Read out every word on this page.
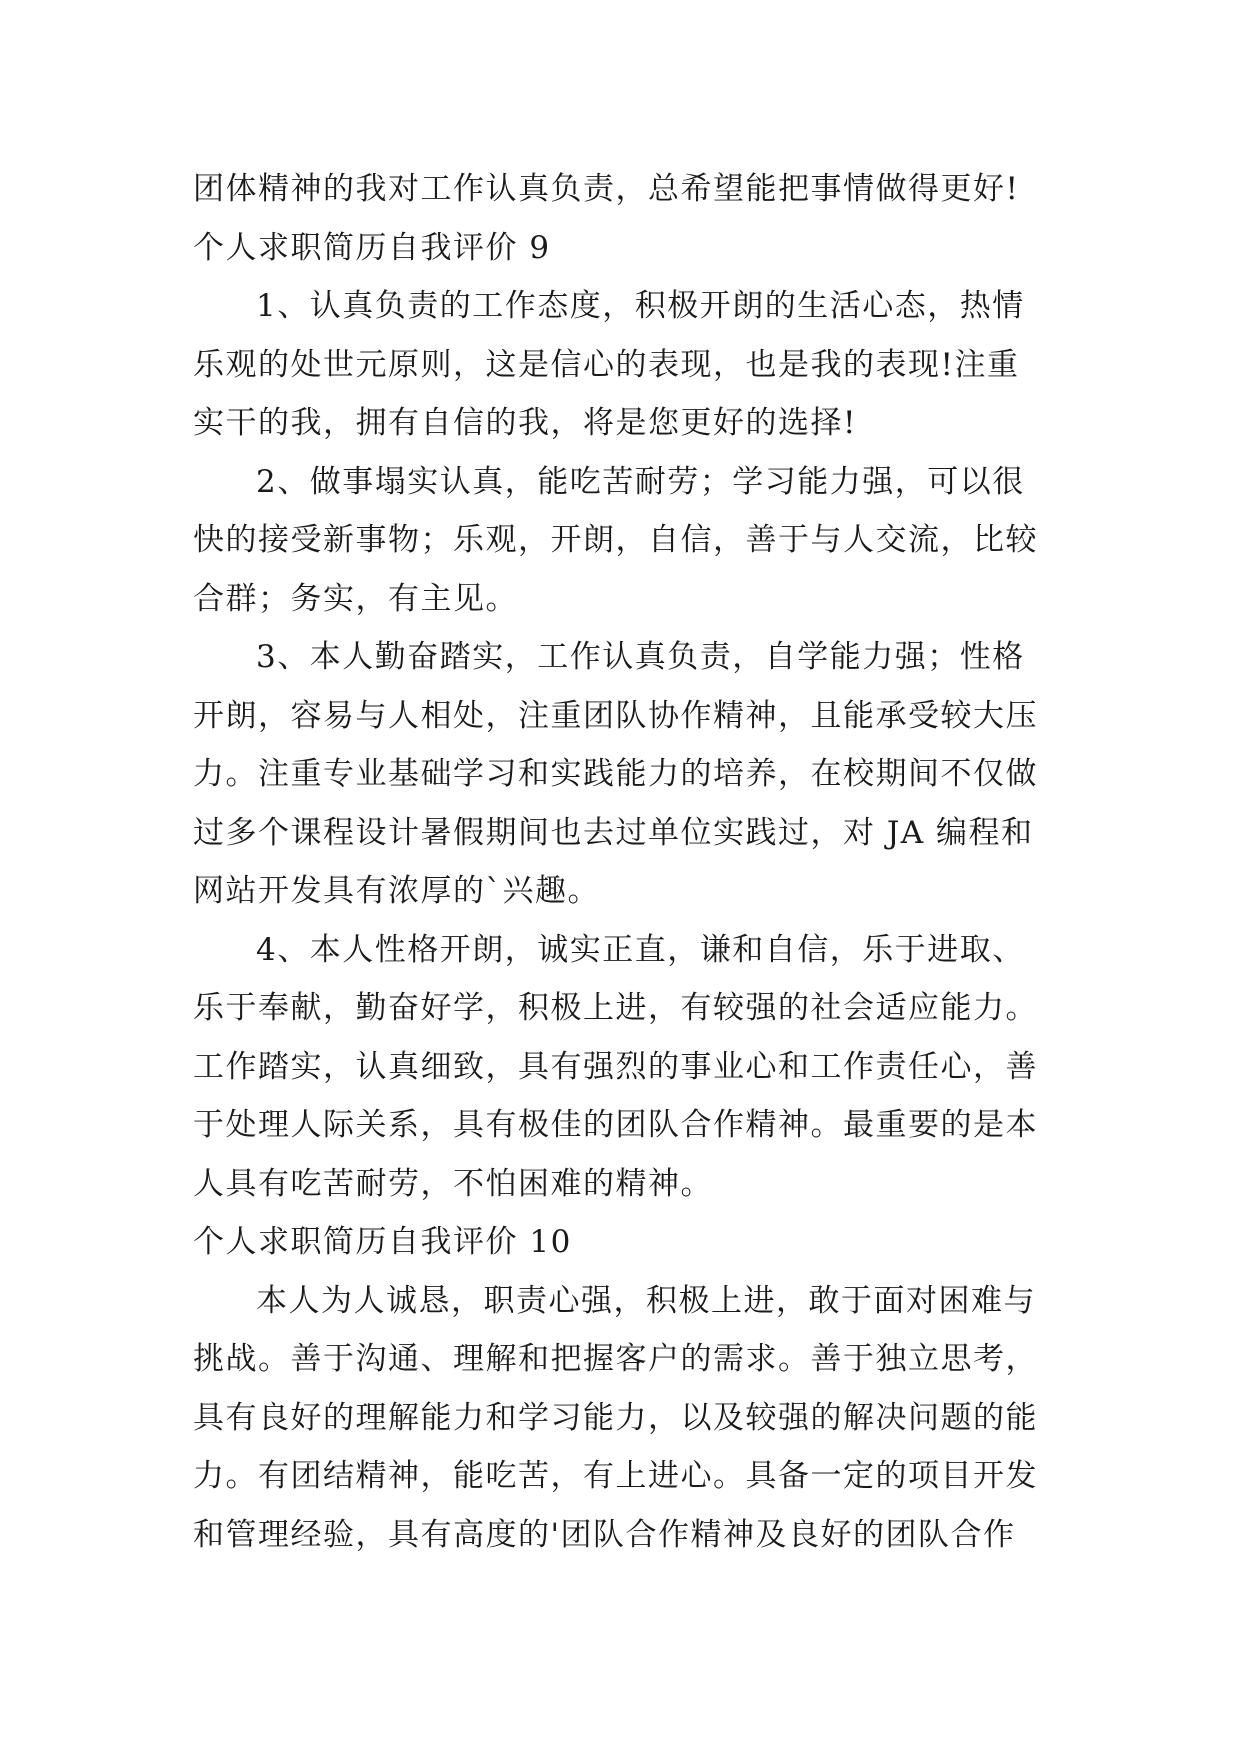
团体精神的我对工作认真负责，总希望能把事情做得更好!
个人求职简历自我评价 9
1、认真负责的工作态度，积极开朗的生活心态，热情
乐观的处世元原则，这是信心的表现，也是我的表现!注重
实干的我，拥有自信的我，将是您更好的选择!
2、做事塌实认真，能吃苦耐劳；学习能力强，可以很
快的接受新事物；乐观，开朗，自信，善于与人交流，比较
合群；务实，有主见。
3、本人勤奋踏实，工作认真负责，自学能力强；性格
开朗，容易与人相处，注重团队协作精神，且能承受较大压
力。注重专业基础学习和实践能力的培养，在校期间不仅做
过多个课程设计暑假期间也去过单位实践过，对 JA 编程和
网站开发具有浓厚的`兴趣。
4、本人性格开朗，诚实正直，谦和自信，乐于进取、
乐于奉献，勤奋好学，积极上进，有较强的社会适应能力。
工作踏实，认真细致，具有强烈的事业心和工作责任心，善
于处理人际关系，具有极佳的团队合作精神。最重要的是本
人具有吃苦耐劳，不怕困难的精神。
个人求职简历自我评价 10
本人为人诚恳，职责心强，积极上进，敢于面对困难与
挑战。善于沟通、理解和把握客户的需求。善于独立思考，
具有良好的理解能力和学习能力，以及较强的解决问题的能
力。有团结精神，能吃苦，有上进心。具备一定的项目开发
和管理经验，具有高度的'团队合作精神及良好的团队合作
